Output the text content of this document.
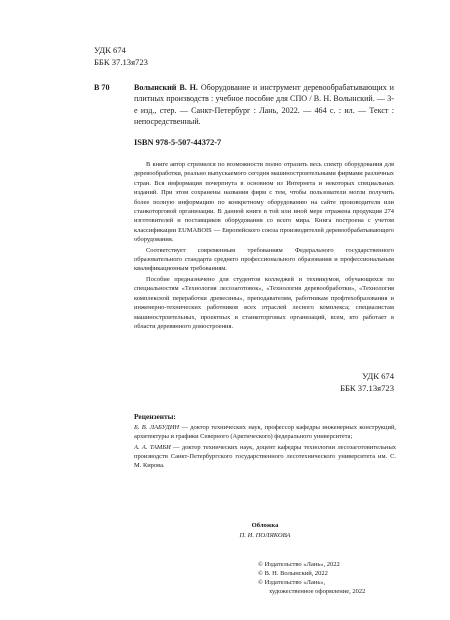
УДК 674
ББК 37.13я723
В 70	Волынский В. Н. Оборудование и инструмент деревообрабатывающих и плитных производств : учебное пособие для СПО / В. Н. Волынский. — 3-е изд., стер. — Санкт-Петербург : Лань, 2022. — 464 с. : ил. — Текст : непосредственный.
ISBN 978-5-507-44372-7

В книге автор стремился по возможности полно отразить весь спектр оборудования для деревообработки, реально выпускаемого сегодня машиностроительными фирмами различных стран. Вся информация почерпнута в основном из Интернета и некоторых специальных изданий. При этом сохранены названия фирм с тем, чтобы пользователи могли получить более полную информацию по конкретному оборудованию на сайте производителя или станкоторговой организации. В данной книге в той или иной мере отражена продукция 274 изготовителей и поставщиков оборудования со всего мира. Книга построена с учетом классификации EUMABOIS — Европейского союза производителей деревообрабатывающего оборудования.

Соответствует современным требованиям Федерального государственного образовательного стандарта среднего профессионального образования и профессиональным квалификационным требованиям.

Пособие предназначено для студентов колледжей и техникумов, обучающихся по специальностям «Технология лесозаготовок», «Технология деревообработки», «Технология комплексной переработки древесины», преподавателям, работникам профтехобразования и инженерно-технических работников всех отраслей лесного комплекса; специалистам машиностроительных, проектных и станкоторговых организаций, всем, кто работает в области деревянного домостроения.

УДК 674
ББК 37.13я723
Рецензенты:

Б. В. ЛАБУДИН — доктор технических наук, профессор кафедры инженерных конструкций, архитектуры и графики Северного (Арктического) федерального университета;

А. А. ТАМБИ — доктор технических наук, доцент кафедры технологии лесозаготовительных производств Санкт-Петербургского государственного лесотехнического университета им. С. М. Кирова.

Обложка
П. И. ПОЛЯКОВА
© Издательство «Лань», 2022
© В. Н. Волынский, 2022
© Издательство «Лань»,
художественное оформление, 2022
